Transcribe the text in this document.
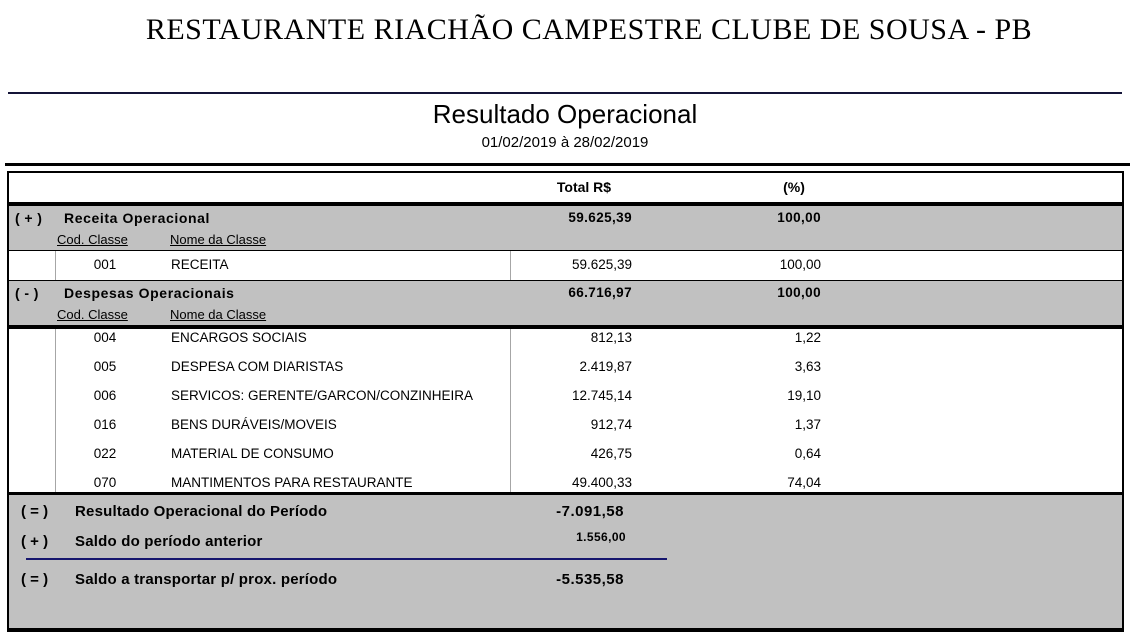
RESTAURANTE RIACHÃO CAMPESTRE CLUBE DE SOUSA - PB
Resultado Operacional
01/02/2019 à 28/02/2019
Total R$	(%)
( + ) Receita Operacional	59.625,39	100,00
Cod. Classe	Nome da Classe
001	RECEITA	59.625,39	100,00
( - ) Despesas Operacionais	66.716,97	100,00
Cod. Classe	Nome da Classe
004	ENCARGOS SOCIAIS	812,13	1,22
005	DESPESA COM DIARISTAS	2.419,87	3,63
006	SERVICOS: GERENTE/GARCON/CONZINHEIRA	12.745,14	19,10
016	BENS DURÁVEIS/MOVEIS	912,74	1,37
022	MATERIAL DE CONSUMO	426,75	0,64
070	MANTIMENTOS PARA RESTAURANTE	49.400,33	74,04
( = ) Resultado Operacional do Período	-7.091,58
( + ) Saldo do período anterior	1.556,00
( = ) Saldo a transportar p/ prox. período	-5.535,58
